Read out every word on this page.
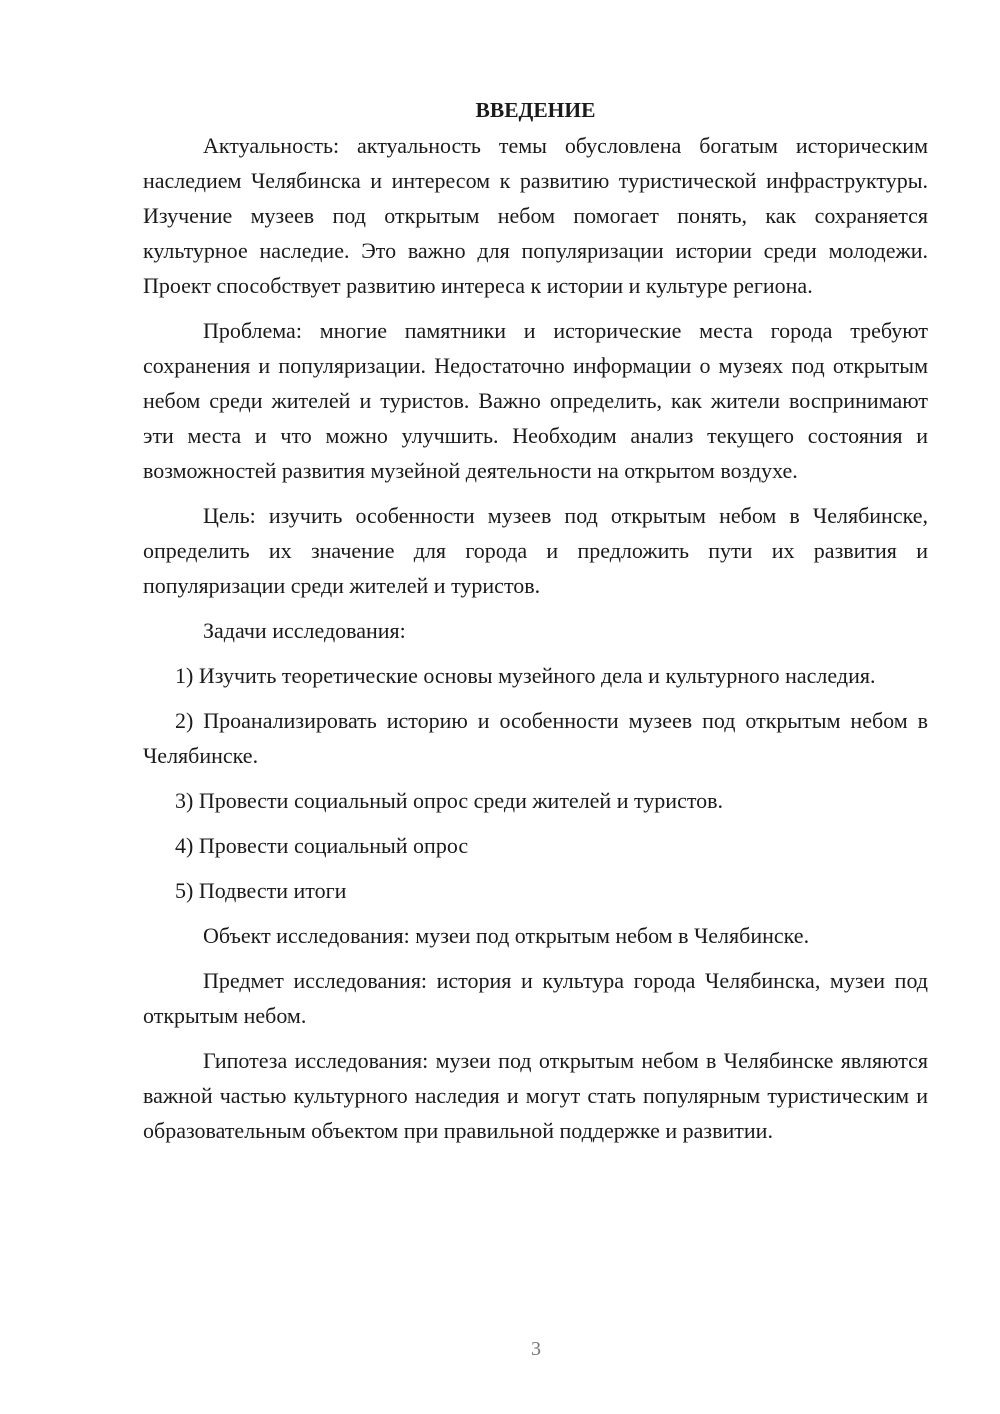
ВВЕДЕНИЕ

Актуальность: актуальность темы обусловлена богатым историческим наследием Челябинска и интересом к развитию туристической инфраструктуры. Изучение музеев под открытым небом помогает понять, как сохраняется культурное наследие. Это важно для популяризации истории среди молодежи. Проект способствует развитию интереса к истории и культуре региона.

Проблема: многие памятники и исторические места города требуют сохранения и популяризации. Недостаточно информации о музеях под открытым небом среди жителей и туристов. Важно определить, как жители воспринимают эти места и что можно улучшить. Необходим анализ текущего состояния и возможностей развития музейной деятельности на открытом воздухе.

Цель: изучить особенности музеев под открытым небом в Челябинске, определить их значение для города и предложить пути их развития и популяризации среди жителей и туристов.

Задачи исследования:

1) Изучить теоретические основы музейного дела и культурного наследия.

2) Проанализировать историю и особенности музеев под открытым небом в Челябинске.

3) Провести социальный опрос среди жителей и туристов.

4) Провести социальный опрос

5) Подвести итоги

Объект исследования: музеи под открытым небом в Челябинске.

Предмет исследования: история и культура города Челябинска, музеи под открытым небом.

Гипотеза исследования: музеи под открытым небом в Челябинске являются важной частью культурного наследия и могут стать популярным туристическим и образовательным объектом при правильной поддержке и развитии.

3
